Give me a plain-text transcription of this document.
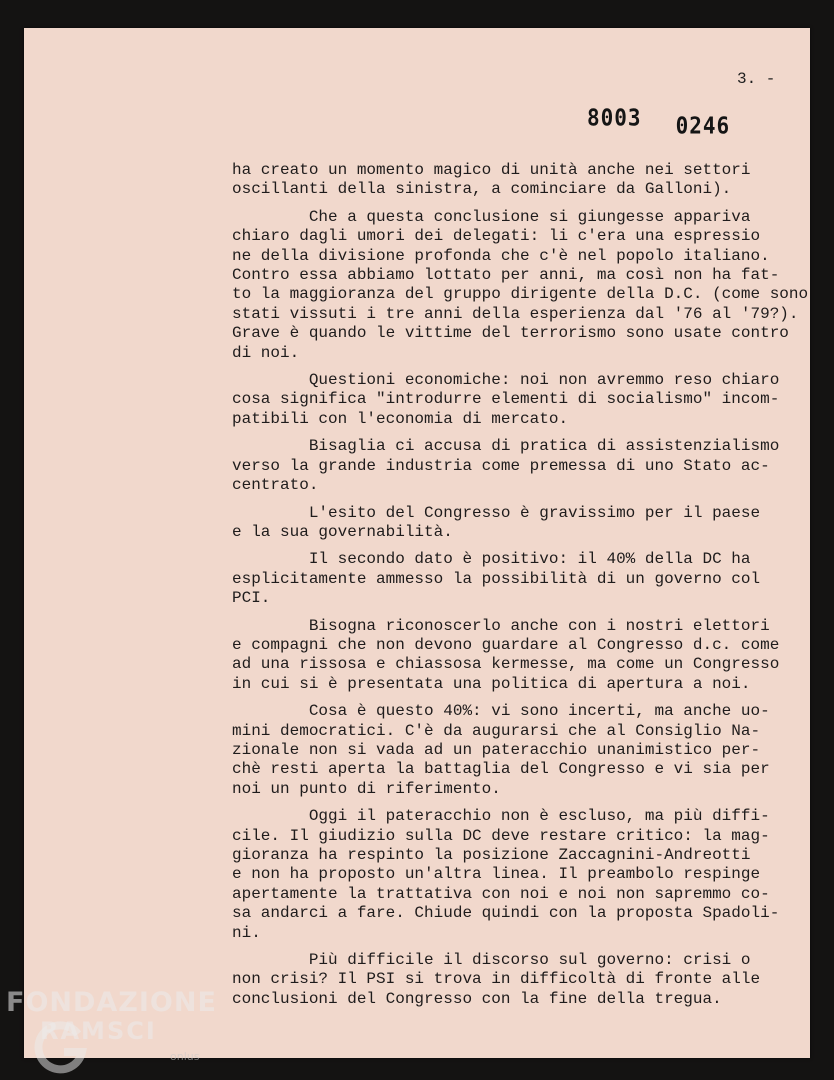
8003 0246
3. -
ha creato un momento magico di unità anche nei settori
oscillanti della sinistra, a cominciare da Galloni).
Che a questa conclusione si giungesse appariva
chiaro dagli umori dei delegati: li c'era una espressio
ne della divisione profonda che c'è nel popolo italiano.
Contro essa abbiamo lottato per anni, ma così non ha fat-
to la maggioranza del gruppo dirigente della D.C. (come sono
stati vissuti i tre anni della esperienza dal '76 al '79?).
Grave è quando le vittime del terrorismo sono usate contro
di noi.
Questioni economiche: noi non avremmo reso chiaro
cosa significa "introdurre elementi di socialismo" incom-
patibili con l'economia di mercato.
Bisaglia ci accusa di pratica di assistenzialismo
verso la grande industria come premessa di uno Stato ac-
centrato.
L'esito del Congresso è gravissimo per il paese
e la sua governabilità.
Il secondo dato è positivo: il 40% della DC ha
esplicitamente ammesso la possibilità di un governo col
PCI.
Bisogna riconoscerlo anche con i nostri elettori
e compagni che non devono guardare al Congresso d.c. come
ad una rissosa e chiassosa kermesse, ma come un Congresso
in cui si è presentata una politica di apertura a noi.
Cosa è questo 40%: vi sono incerti, ma anche uo-
mini democratici. C'è da augurarsi che al Consiglio Na-
zionale non si vada ad un pateracchio unanimistico per-
chè resti aperta la battaglia del Congresso e vi sia per
noi un punto di riferimento.
Oggi il pateracchio non è escluso, ma più diffi-
cile. Il giudizio sulla DC deve restare critico: la mag-
gioranza ha respinto la posizione Zaccagnini-Andreotti
e non ha proposto un'altra linea. Il preambolo respinge
apertamente la trattativa con noi e noi non sapremmo co-
sa andarci a fare. Chiude quindi con la proposta Spadoli-
ni.
Più difficile il discorso sul governo: crisi o
non crisi? Il PSI si trova in difficoltà di fronte alle
conclusioni del Congresso con la fine della tregua.
FONDAZIONE
RAMSCI
onlus
